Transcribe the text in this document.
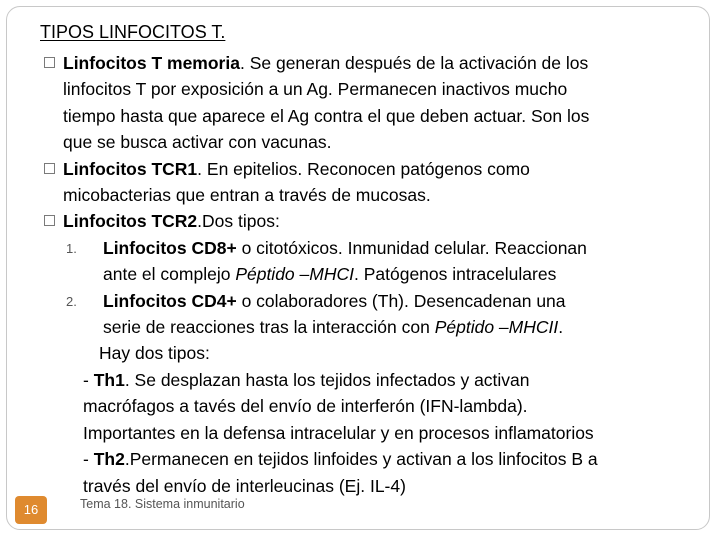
TIPOS LINFOCITOS T.
Linfocitos T memoria. Se generan después de la activación de los
linfocitos T por exposición a un Ag. Permanecen inactivos mucho
tiempo hasta que aparece el Ag contra el que deben actuar. Son los
que se busca activar con vacunas.
Linfocitos TCR1. En epitelios. Reconocen patógenos como
micobacterias que entran a través de mucosas.
Linfocitos TCR2.Dos tipos:
1. Linfocitos CD8+ o citotóxicos. Inmunidad celular. Reaccionan
ante el complejo Péptido –MHCI. Patógenos intracelulares
2. Linfocitos CD4+ o colaboradores (Th). Desencadenan una
serie de reacciones tras la interacción con Péptido –MHCII.
Hay dos tipos:
- Th1. Se desplazan hasta los tejidos infectados y activan
macrófagos a tavés del envío de interferón (IFN-lambda).
Importantes en la defensa intracelular y en procesos inflamatorios
- Th2.Permanecen en tejidos linfoides y activan a los linfocitos B a
través del envío de interleucinas (Ej. IL-4)
16	Tema 18. Sistema inmunitario
